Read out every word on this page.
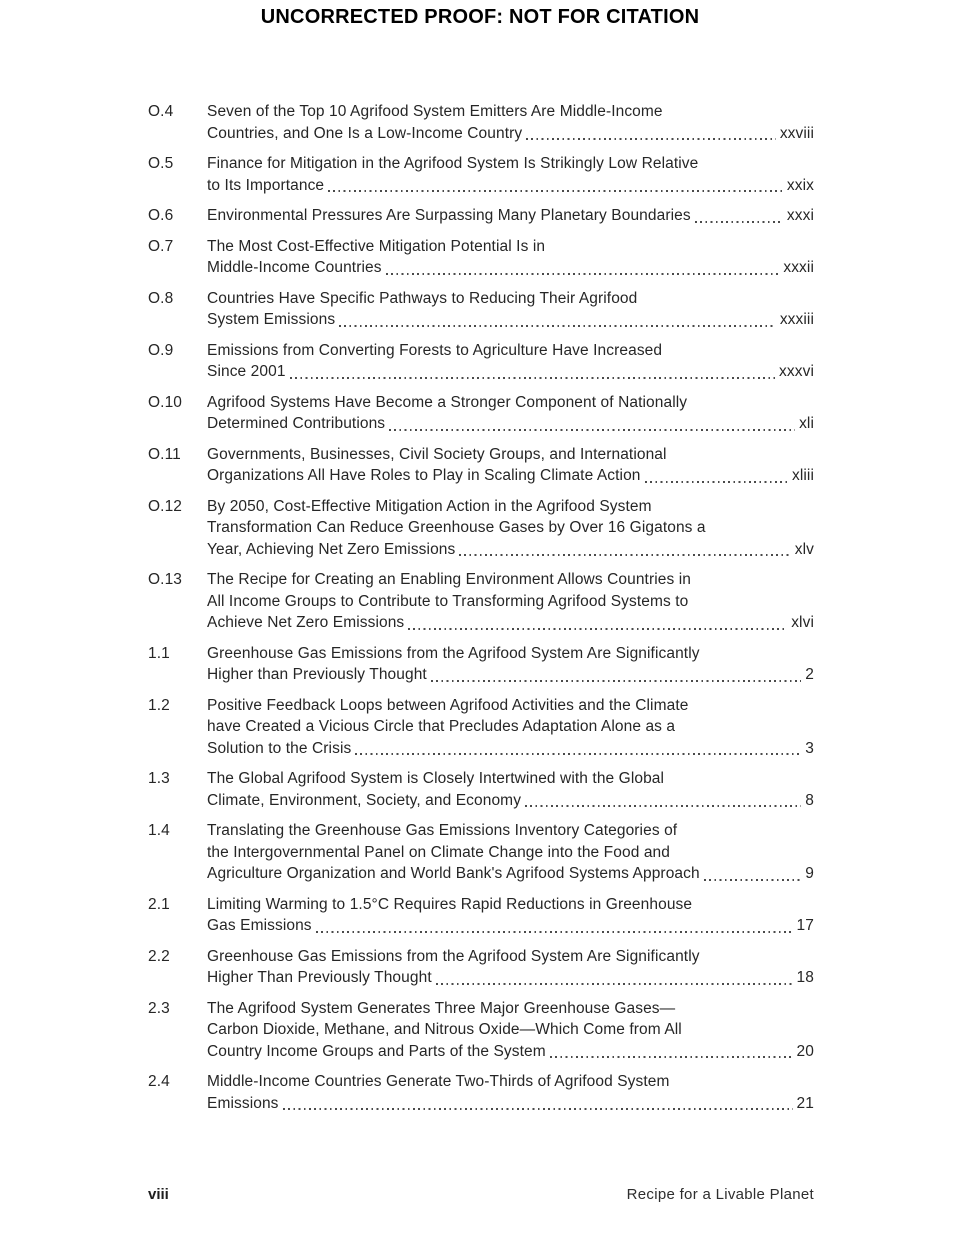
UNCORRECTED PROOF: NOT FOR CITATION
O.4	Seven of the Top 10 Agrifood System Emitters Are Middle-Income
Countries, and One Is a Low-Income Country	xxviii
O.5	Finance for Mitigation in the Agrifood System Is Strikingly Low Relative
to Its Importance	xxix
O.6	Environmental Pressures Are Surpassing Many Planetary Boundaries	xxxi
O.7	The Most Cost-Effective Mitigation Potential Is in
Middle-Income Countries	xxxii
O.8	Countries Have Specific Pathways to Reducing Their Agrifood
System Emissions	xxxiii
O.9	Emissions from Converting Forests to Agriculture Have Increased
Since 2001	xxxvi
O.10	Agrifood Systems Have Become a Stronger Component of Nationally
Determined Contributions	xli
O.11	Governments, Businesses, Civil Society Groups, and International
Organizations All Have Roles to Play in Scaling Climate Action	xliii
O.12	By 2050, Cost-Effective Mitigation Action in the Agrifood System
Transformation Can Reduce Greenhouse Gases by Over 16 Gigatons a
Year, Achieving Net Zero Emissions	xlv
O.13	The Recipe for Creating an Enabling Environment Allows Countries in
All Income Groups to Contribute to Transforming Agrifood Systems to
Achieve Net Zero Emissions	xlvi
1.1	Greenhouse Gas Emissions from the Agrifood System Are Significantly
Higher than Previously Thought	2
1.2	Positive Feedback Loops between Agrifood Activities and the Climate
have Created a Vicious Circle that Precludes Adaptation Alone as a
Solution to the Crisis	3
1.3	The Global Agrifood System is Closely Intertwined with the Global
Climate, Environment, Society, and Economy	8
1.4	Translating the Greenhouse Gas Emissions Inventory Categories of
the Intergovernmental Panel on Climate Change into the Food and
Agriculture Organization and World Bank's Agrifood Systems Approach	9
2.1	Limiting Warming to 1.5°C Requires Rapid Reductions in Greenhouse
Gas Emissions	17
2.2	Greenhouse Gas Emissions from the Agrifood System Are Significantly
Higher Than Previously Thought	18
2.3	The Agrifood System Generates Three Major Greenhouse Gases—
Carbon Dioxide, Methane, and Nitrous Oxide—Which Come from All
Country Income Groups and Parts of the System	20
2.4	Middle-Income Countries Generate Two-Thirds of Agrifood System
Emissions	21
viii	Recipe for a Livable Planet
